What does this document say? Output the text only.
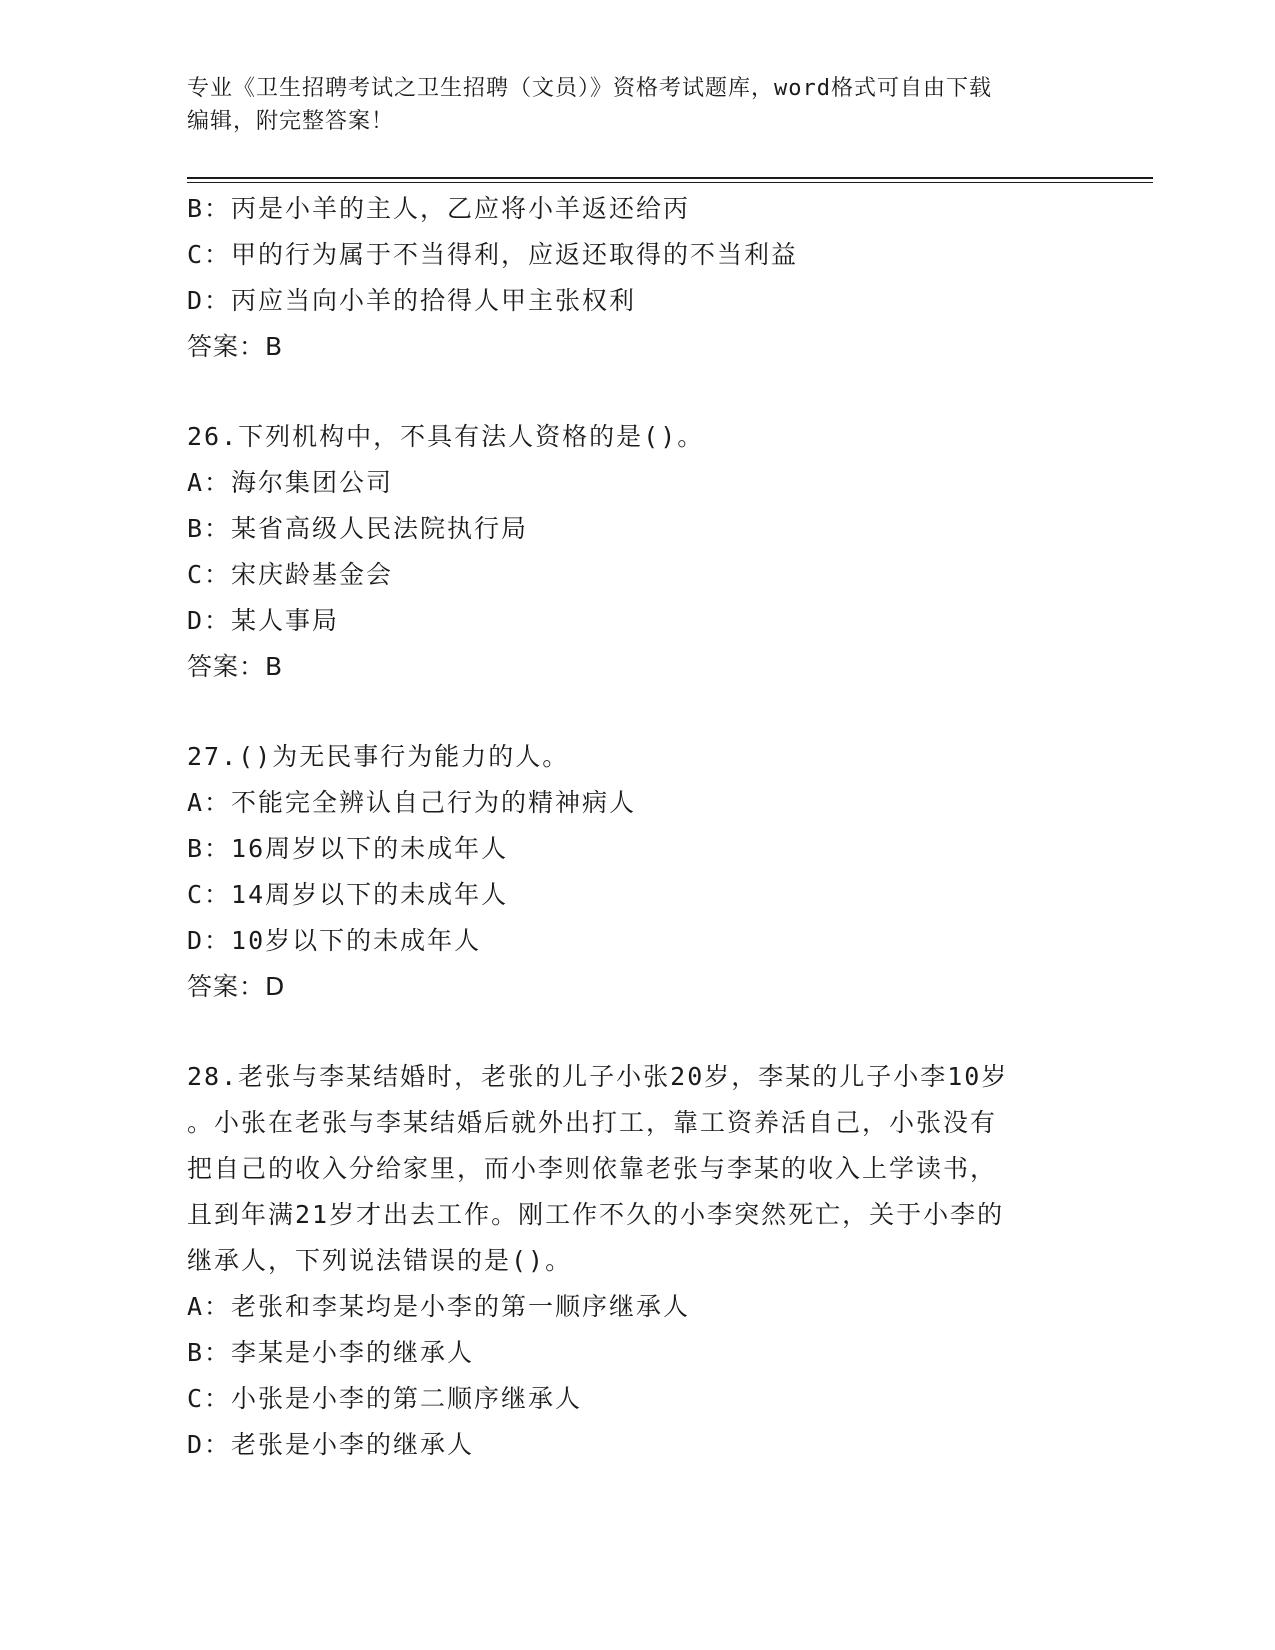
专业《卫生招聘考试之卫生招聘（文员）》资格考试题库，word格式可自由下载
编辑，附完整答案！
B：丙是小羊的主人，乙应将小羊返还给丙
C：甲的行为属于不当得利，应返还取得的不当利益
D：丙应当向小羊的拾得人甲主张权利
答案：B
26.下列机构中，不具有法人资格的是()。
A：海尔集团公司
B：某省高级人民法院执行局
C：宋庆龄基金会
D：某人事局
答案：B
27.()为无民事行为能力的人。
A：不能完全辨认自己行为的精神病人
B：16周岁以下的未成年人
C：14周岁以下的未成年人
D：10岁以下的未成年人
答案：D
28.老张与李某结婚时，老张的儿子小张20岁，李某的儿子小李10岁
。小张在老张与李某结婚后就外出打工，靠工资养活自己，小张没有
把自己的收入分给家里，而小李则依靠老张与李某的收入上学读书，
且到年满21岁才出去工作。刚工作不久的小李突然死亡，关于小李的
继承人，下列说法错误的是()。
A：老张和李某均是小李的第一顺序继承人
B：李某是小李的继承人
C：小张是小李的第二顺序继承人
D：老张是小李的继承人
